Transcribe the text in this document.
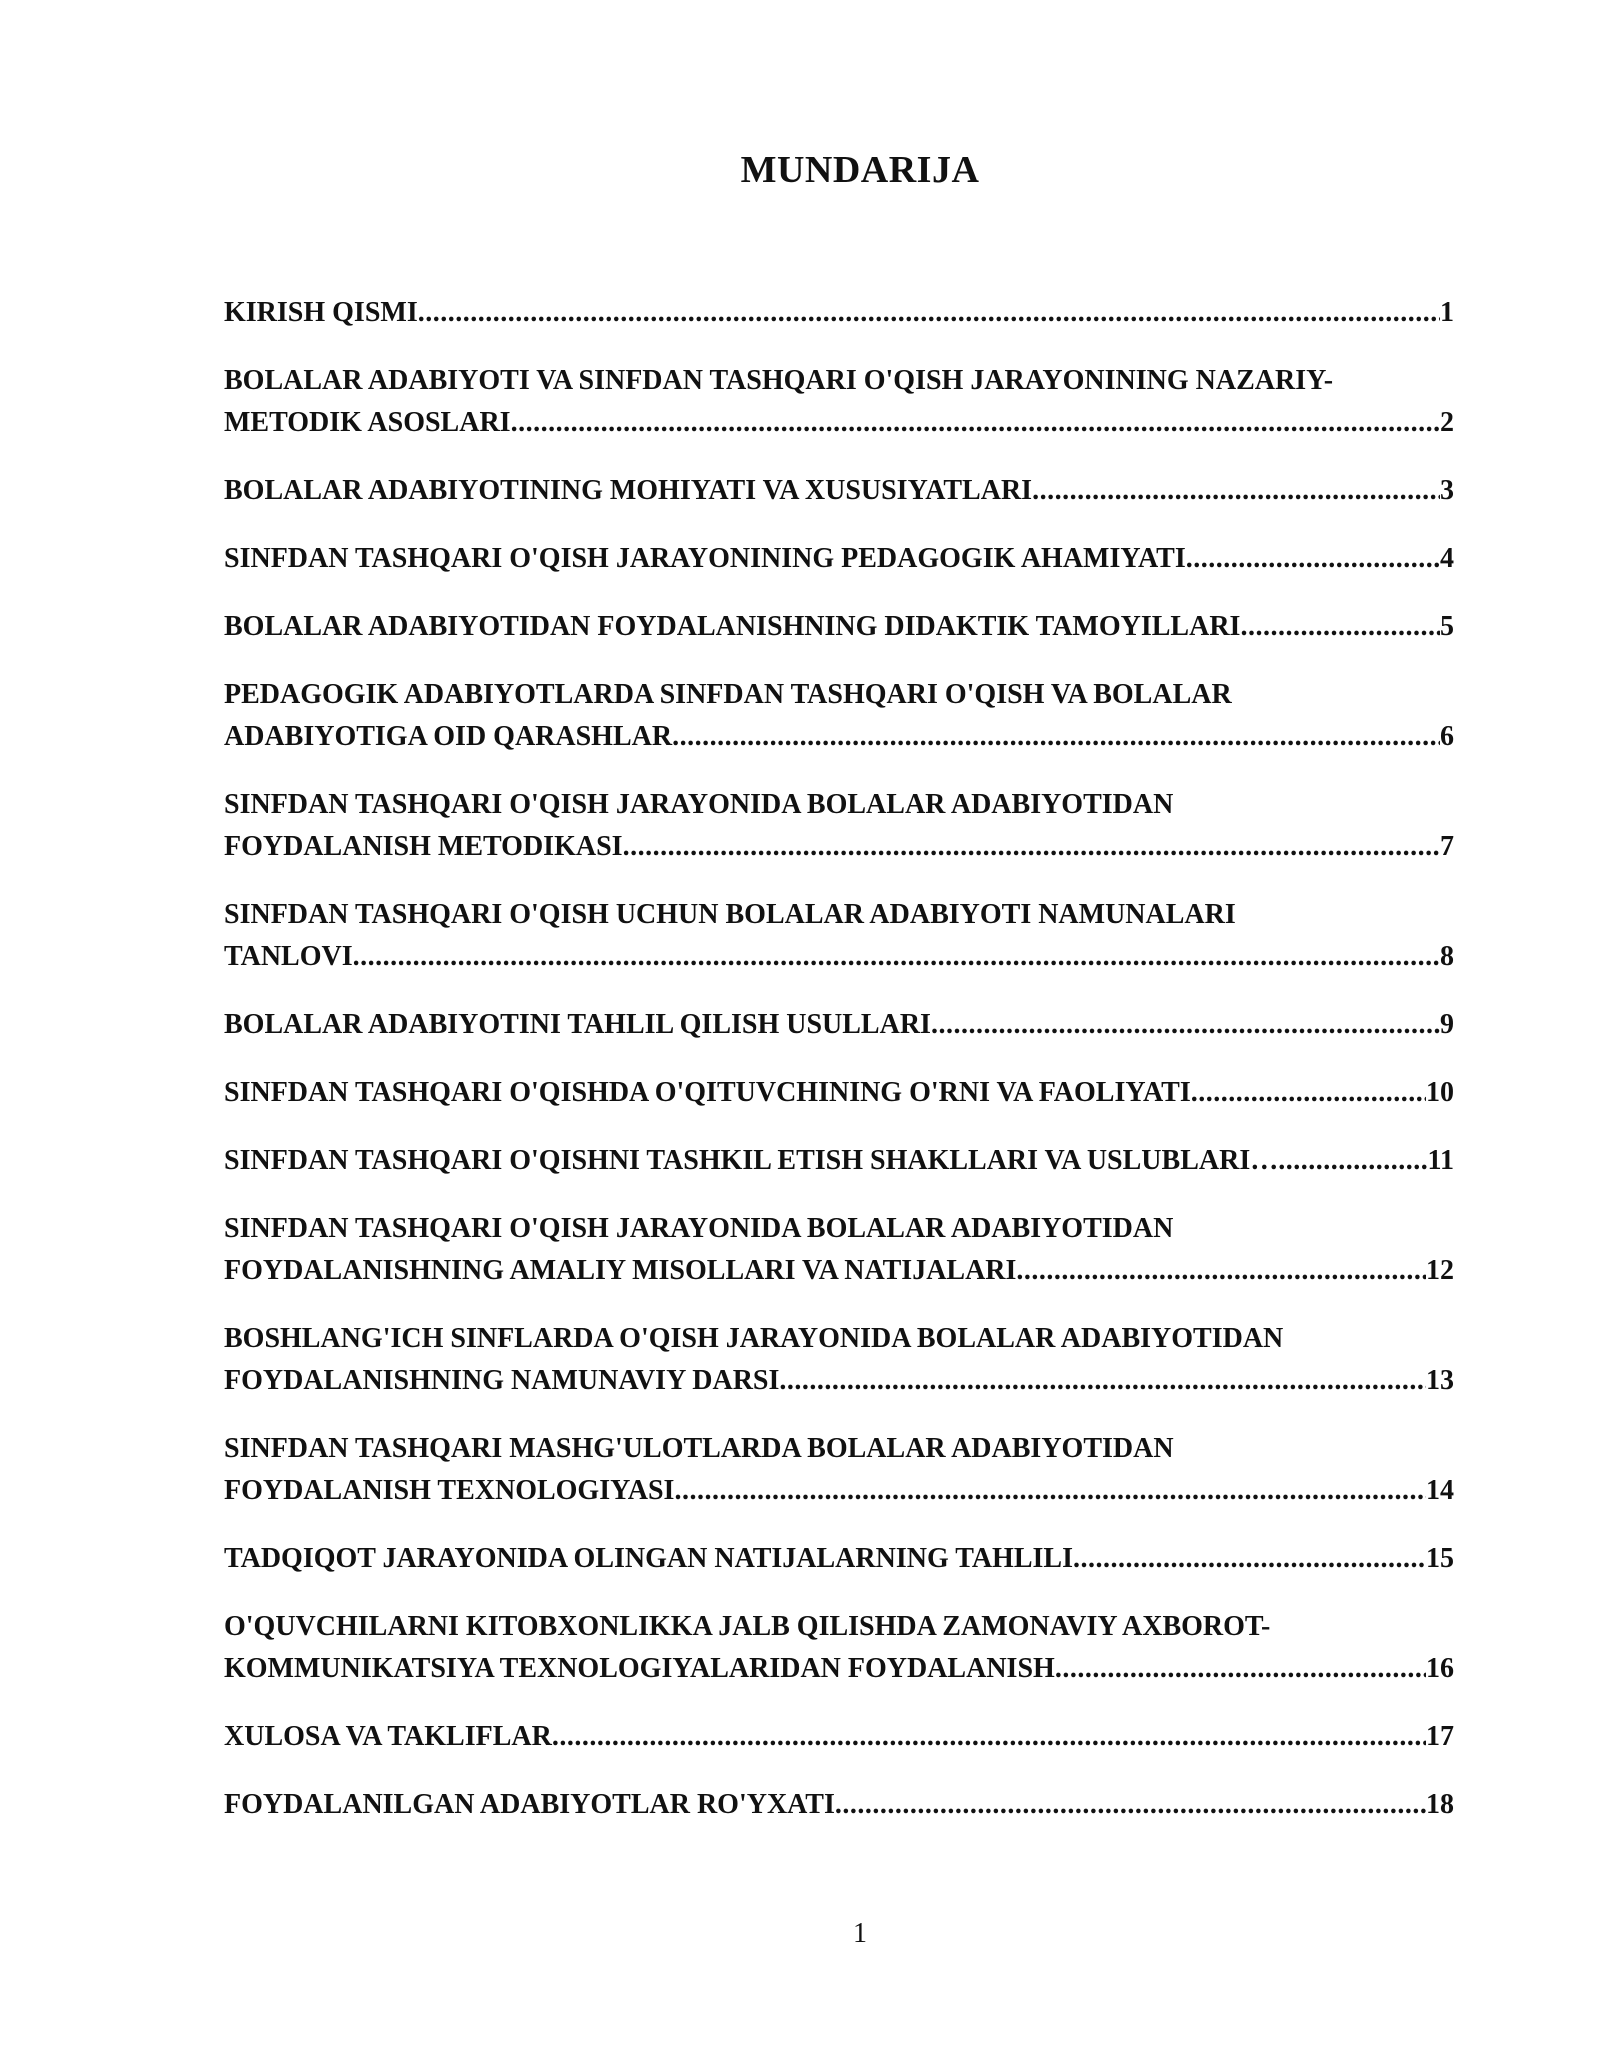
MUNDARIJA
KIRISH QISMI .....	1
BOLALAR ADABIYOTI VA SINFDAN TASHQARI O'QISH JARAYONINING NAZARIY-
METODIK ASOSLARI .....	2
BOLALAR ADABIYOTINING MOHIYATI VA XUSUSIYATLARI .....	3
SINFDAN TASHQARI O'QISH JARAYONINING PEDAGOGIK AHAMIYATI .....	4
BOLALAR ADABIYOTIDAN FOYDALANISHNING DIDAKTIK TAMOYILLARI .....	5
PEDAGOGIK ADABIYOTLARDA SINFDAN TASHQARI O'QISH VA BOLALAR
ADABIYOTIGA OID QARASHLAR .....	6
SINFDAN TASHQARI O'QISH JARAYONIDA BOLALAR ADABIYOTIDAN
FOYDALANISH METODIKASI .....	7
SINFDAN TASHQARI O'QISH UCHUN BOLALAR ADABIYOTI NAMUNALARI
TANLOVI .....	8
BOLALAR ADABIYOTINI TAHLIL QILISH USULLARI .....	9
SINFDAN TASHQARI O'QISHDA O'QITUVCHINING O'RNI VA FAOLIYATI .....	10
SINFDAN TASHQARI O'QISHNI TASHKIL ETISH SHAKLLARI VA USLUBLARI… .....	11
SINFDAN TASHQARI O'QISH JARAYONIDA BOLALAR ADABIYOTIDAN
FOYDALANISHNING AMALIY MISOLLARI VA NATIJALARI .....	12
BOSHLANG'ICH SINFLARDA O'QISH JARAYONIDA BOLALAR ADABIYOTIDAN
FOYDALANISHNING NAMUNAVIY DARSI .....	13
SINFDAN TASHQARI MASHG'ULOTLARDA BOLALAR ADABIYOTIDAN
FOYDALANISH TEXNOLOGIYASI .....	14
TADQIQOT JARAYONIDA OLINGAN NATIJALARNING TAHLILI .....	15
O'QUVCHILARNI KITOBXONLIKKA JALB QILISHDA ZAMONAVIY AXBOROT-
KOMMUNIKATSIYA TEXNOLOGIYALARIDAN FOYDALANISH .....	16
XULOSA VA TAKLIFLAR .....	17
FOYDALANILGAN ADABIYOTLAR RO'YXATI .....	18
1
